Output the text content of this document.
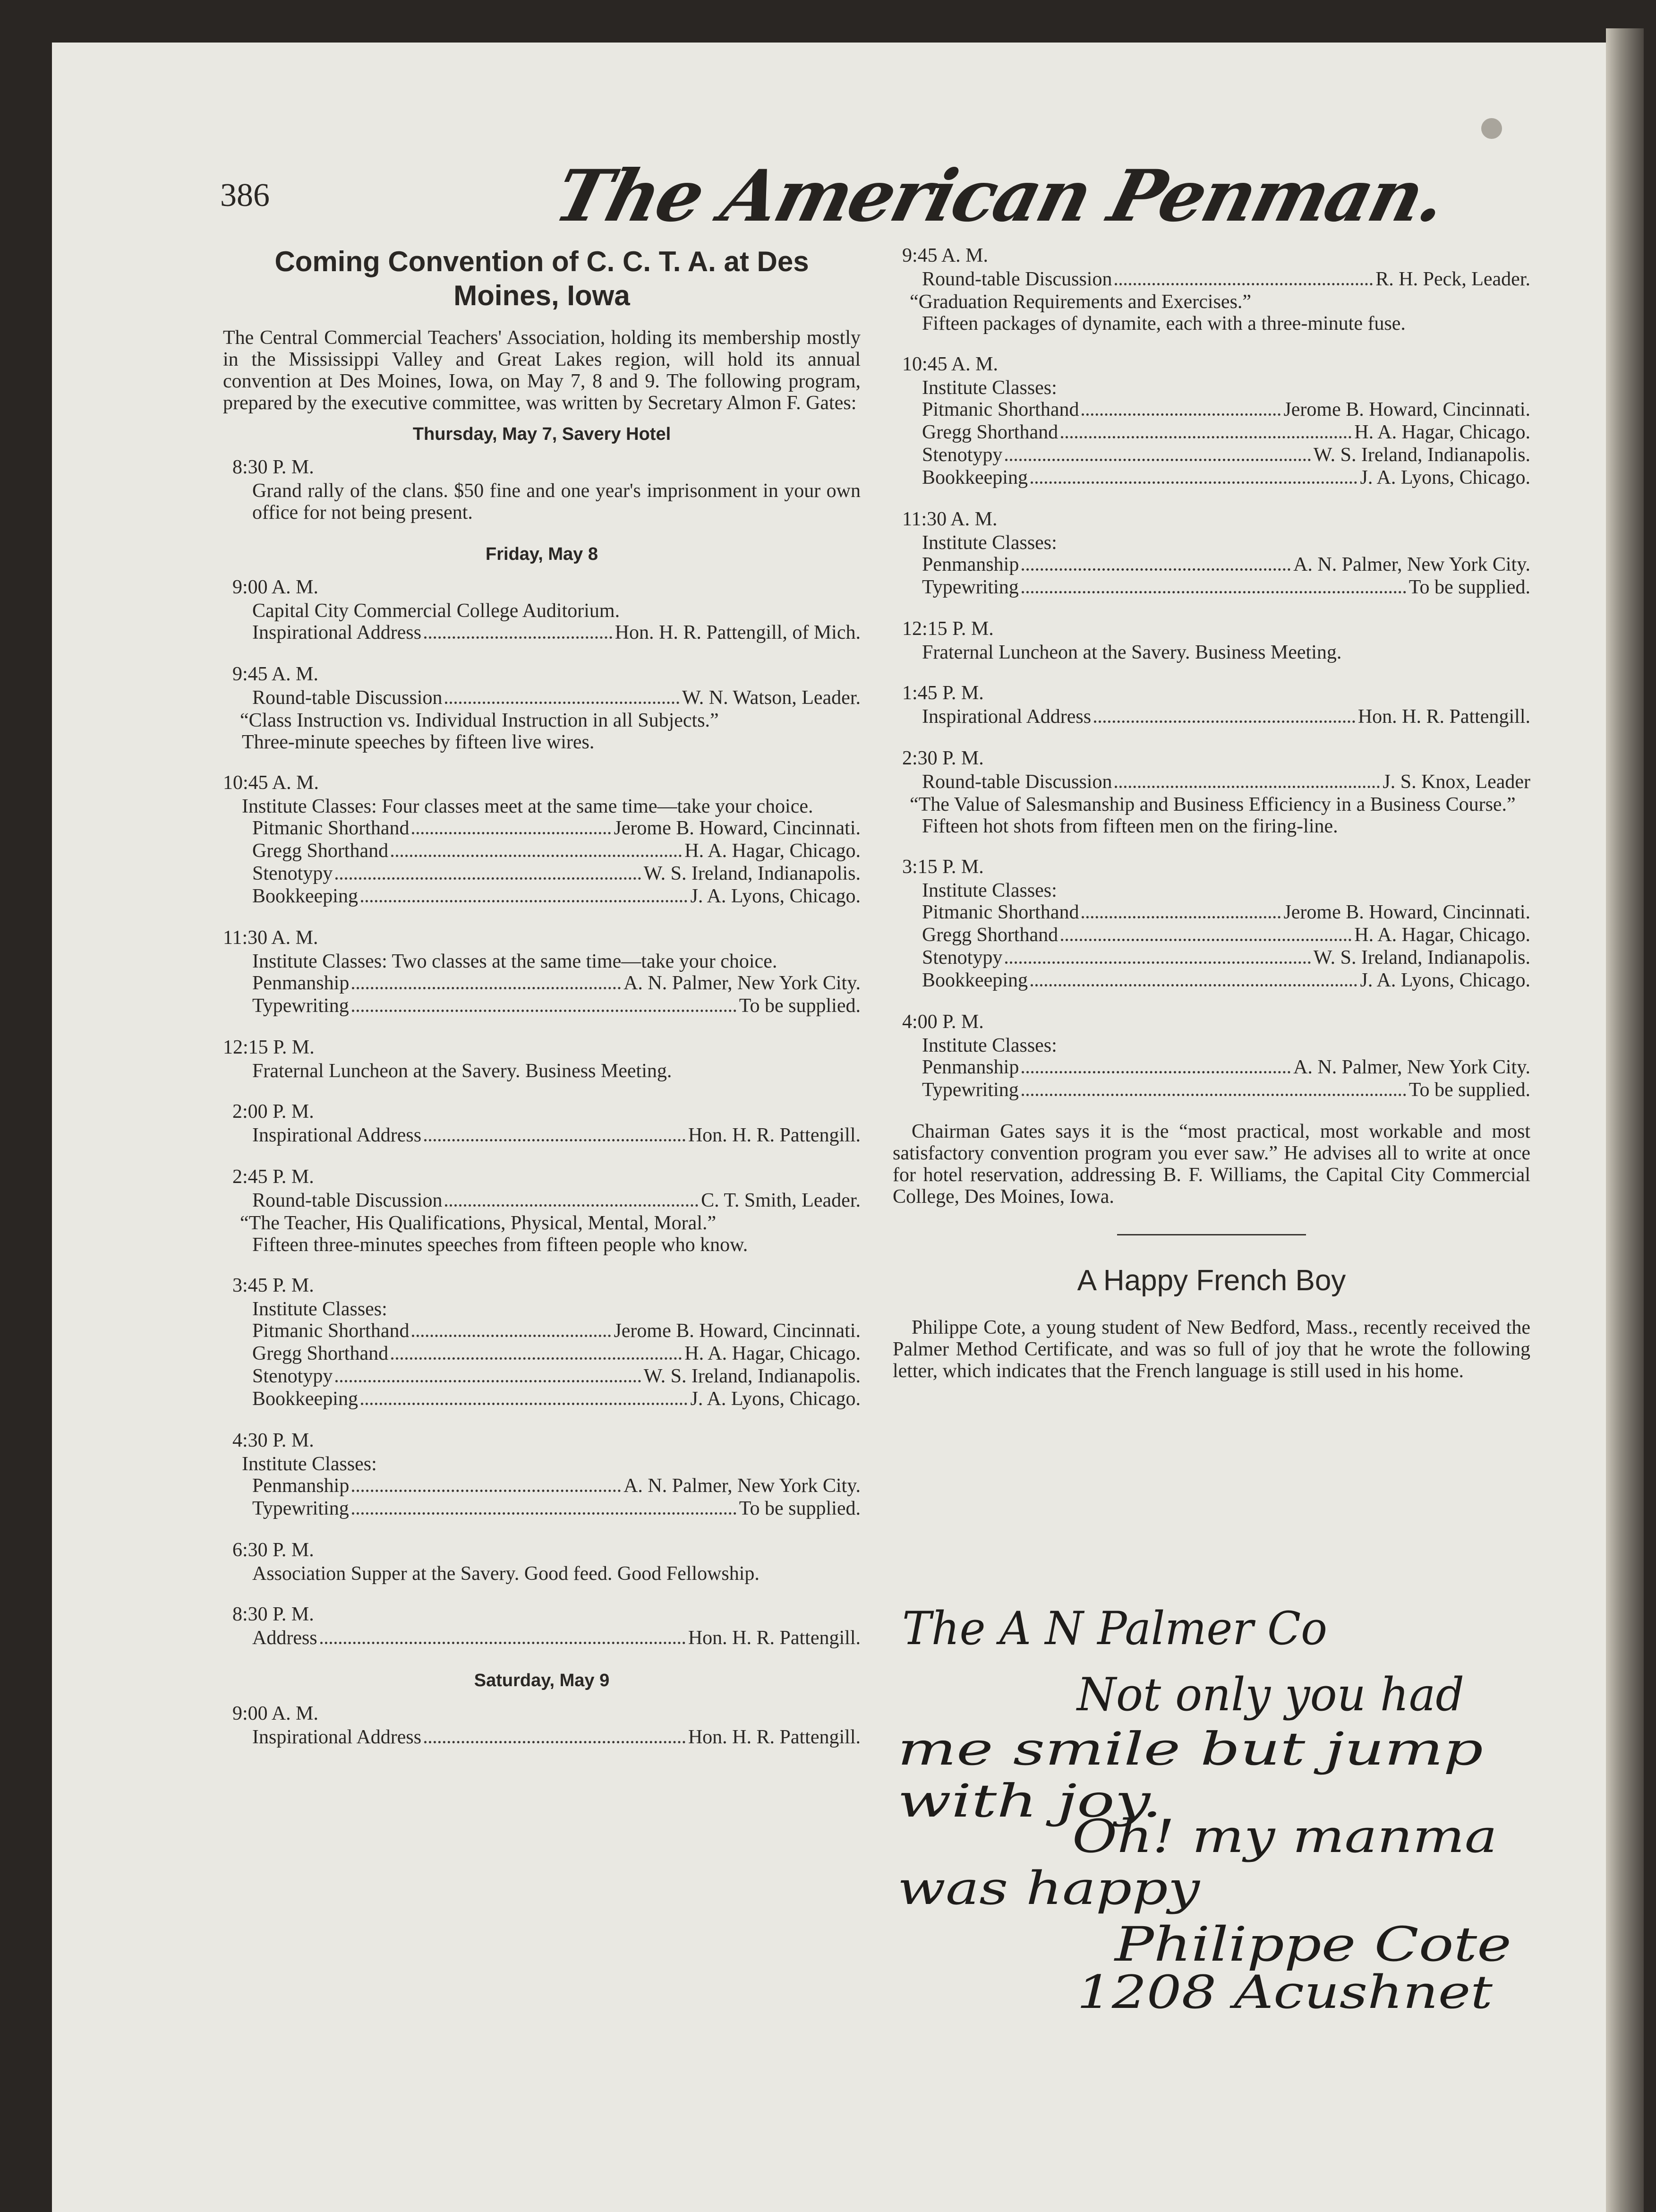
386	The American Penman.
Coming Convention of C. C. T. A. at Des Moines, Iowa

The Central Commercial Teachers' Association, holding its membership mostly in the Mississippi Valley and Great Lakes region, will hold its annual convention at Des Moines, Iowa, on May 7, 8 and 9. The following program, prepared by the executive committee, was written by Secretary Almon F. Gates:

Thursday, May 7, Savery Hotel
8:30 P. M.
Grand rally of the clans. $50 fine and one year's imprisonment in your own office for not being present.
Friday, May 8
9:00 A. M.
Capital City Commercial College Auditorium.
Inspirational Address	Hon. H. R. Pattengill, of Mich.
9:45 A. M.
Round-table Discussion	W. N. Watson, Leader.
“Class Instruction vs. Individual Instruction in all Subjects.”
Three-minute speeches by fifteen live wires.
10:45 A. M.
Institute Classes: Four classes meet at the same time—take your choice.
Pitmanic Shorthand	Jerome B. Howard, Cincinnati.
Gregg Shorthand	H. A. Hagar, Chicago.
Stenotypy	W. S. Ireland, Indianapolis.
Bookkeeping	J. A. Lyons, Chicago.
11:30 A. M.
Institute Classes: Two classes at the same time—take your choice.
Penmanship	A. N. Palmer, New York City.
Typewriting	To be supplied.
12:15 P. M.
Fraternal Luncheon at the Savery. Business Meeting.
2:00 P. M.
Inspirational Address	Hon. H. R. Pattengill.
2:45 P. M.
Round-table Discussion	C. T. Smith, Leader.
“The Teacher, His Qualifications, Physical, Mental, Moral.”
Fifteen three-minutes speeches from fifteen people who know.
3:45 P. M.
Institute Classes:
Pitmanic Shorthand	Jerome B. Howard, Cincinnati.
Gregg Shorthand	H. A. Hagar, Chicago.
Stenotypy	W. S. Ireland, Indianapolis.
Bookkeeping	J. A. Lyons, Chicago.
4:30 P. M.
Institute Classes:
Penmanship	A. N. Palmer, New York City.
Typewriting	To be supplied.
6:30 P. M.
Association Supper at the Savery. Good feed. Good Fellowship.
8:30 P. M.
Address	Hon. H. R. Pattengill.
Saturday, May 9
9:00 A. M.
Inspirational Address	Hon. H. R. Pattengill.
9:45 A. M.
Round-table Discussion	R. H. Peck, Leader.
“Graduation Requirements and Exercises.”
Fifteen packages of dynamite, each with a three-minute fuse.
10:45 A. M.
Institute Classes:
Pitmanic Shorthand	Jerome B. Howard, Cincinnati.
Gregg Shorthand	H. A. Hagar, Chicago.
Stenotypy	W. S. Ireland, Indianapolis.
Bookkeeping	J. A. Lyons, Chicago.
11:30 A. M.
Institute Classes:
Penmanship	A. N. Palmer, New York City.
Typewriting	To be supplied.
12:15 P. M.
Fraternal Luncheon at the Savery. Business Meeting.
1:45 P. M.
Inspirational Address	Hon. H. R. Pattengill.
2:30 P. M.
Round-table Discussion	J. S. Knox, Leader
“The Value of Salesmanship and Business Efficiency in a Business Course.”
Fifteen hot shots from fifteen men on the firing-line.
3:15 P. M.
Institute Classes:
Pitmanic Shorthand	Jerome B. Howard, Cincinnati.
Gregg Shorthand	H. A. Hagar, Chicago.
Stenotypy	W. S. Ireland, Indianapolis.
Bookkeeping	J. A. Lyons, Chicago.
4:00 P. M.
Institute Classes:
Penmanship	A. N. Palmer, New York City.
Typewriting	To be supplied.

Chairman Gates says it is the “most practical, most workable and most satisfactory convention program you ever saw.” He advises all to write at once for hotel reservation, addressing B. F. Williams, the Capital City Commercial College, Des Moines, Iowa.

A Happy French Boy

Philippe Cote, a young student of New Bedford, Mass., recently received the Palmer Method Certificate, and was so full of joy that he wrote the following letter, which indicates that the French language is still used in his home.

The A N Palmer Co
Not only you had
me smile but jump
with joy.
Oh! my manma
was happy
Philippe Cote
1208 Acushnet
